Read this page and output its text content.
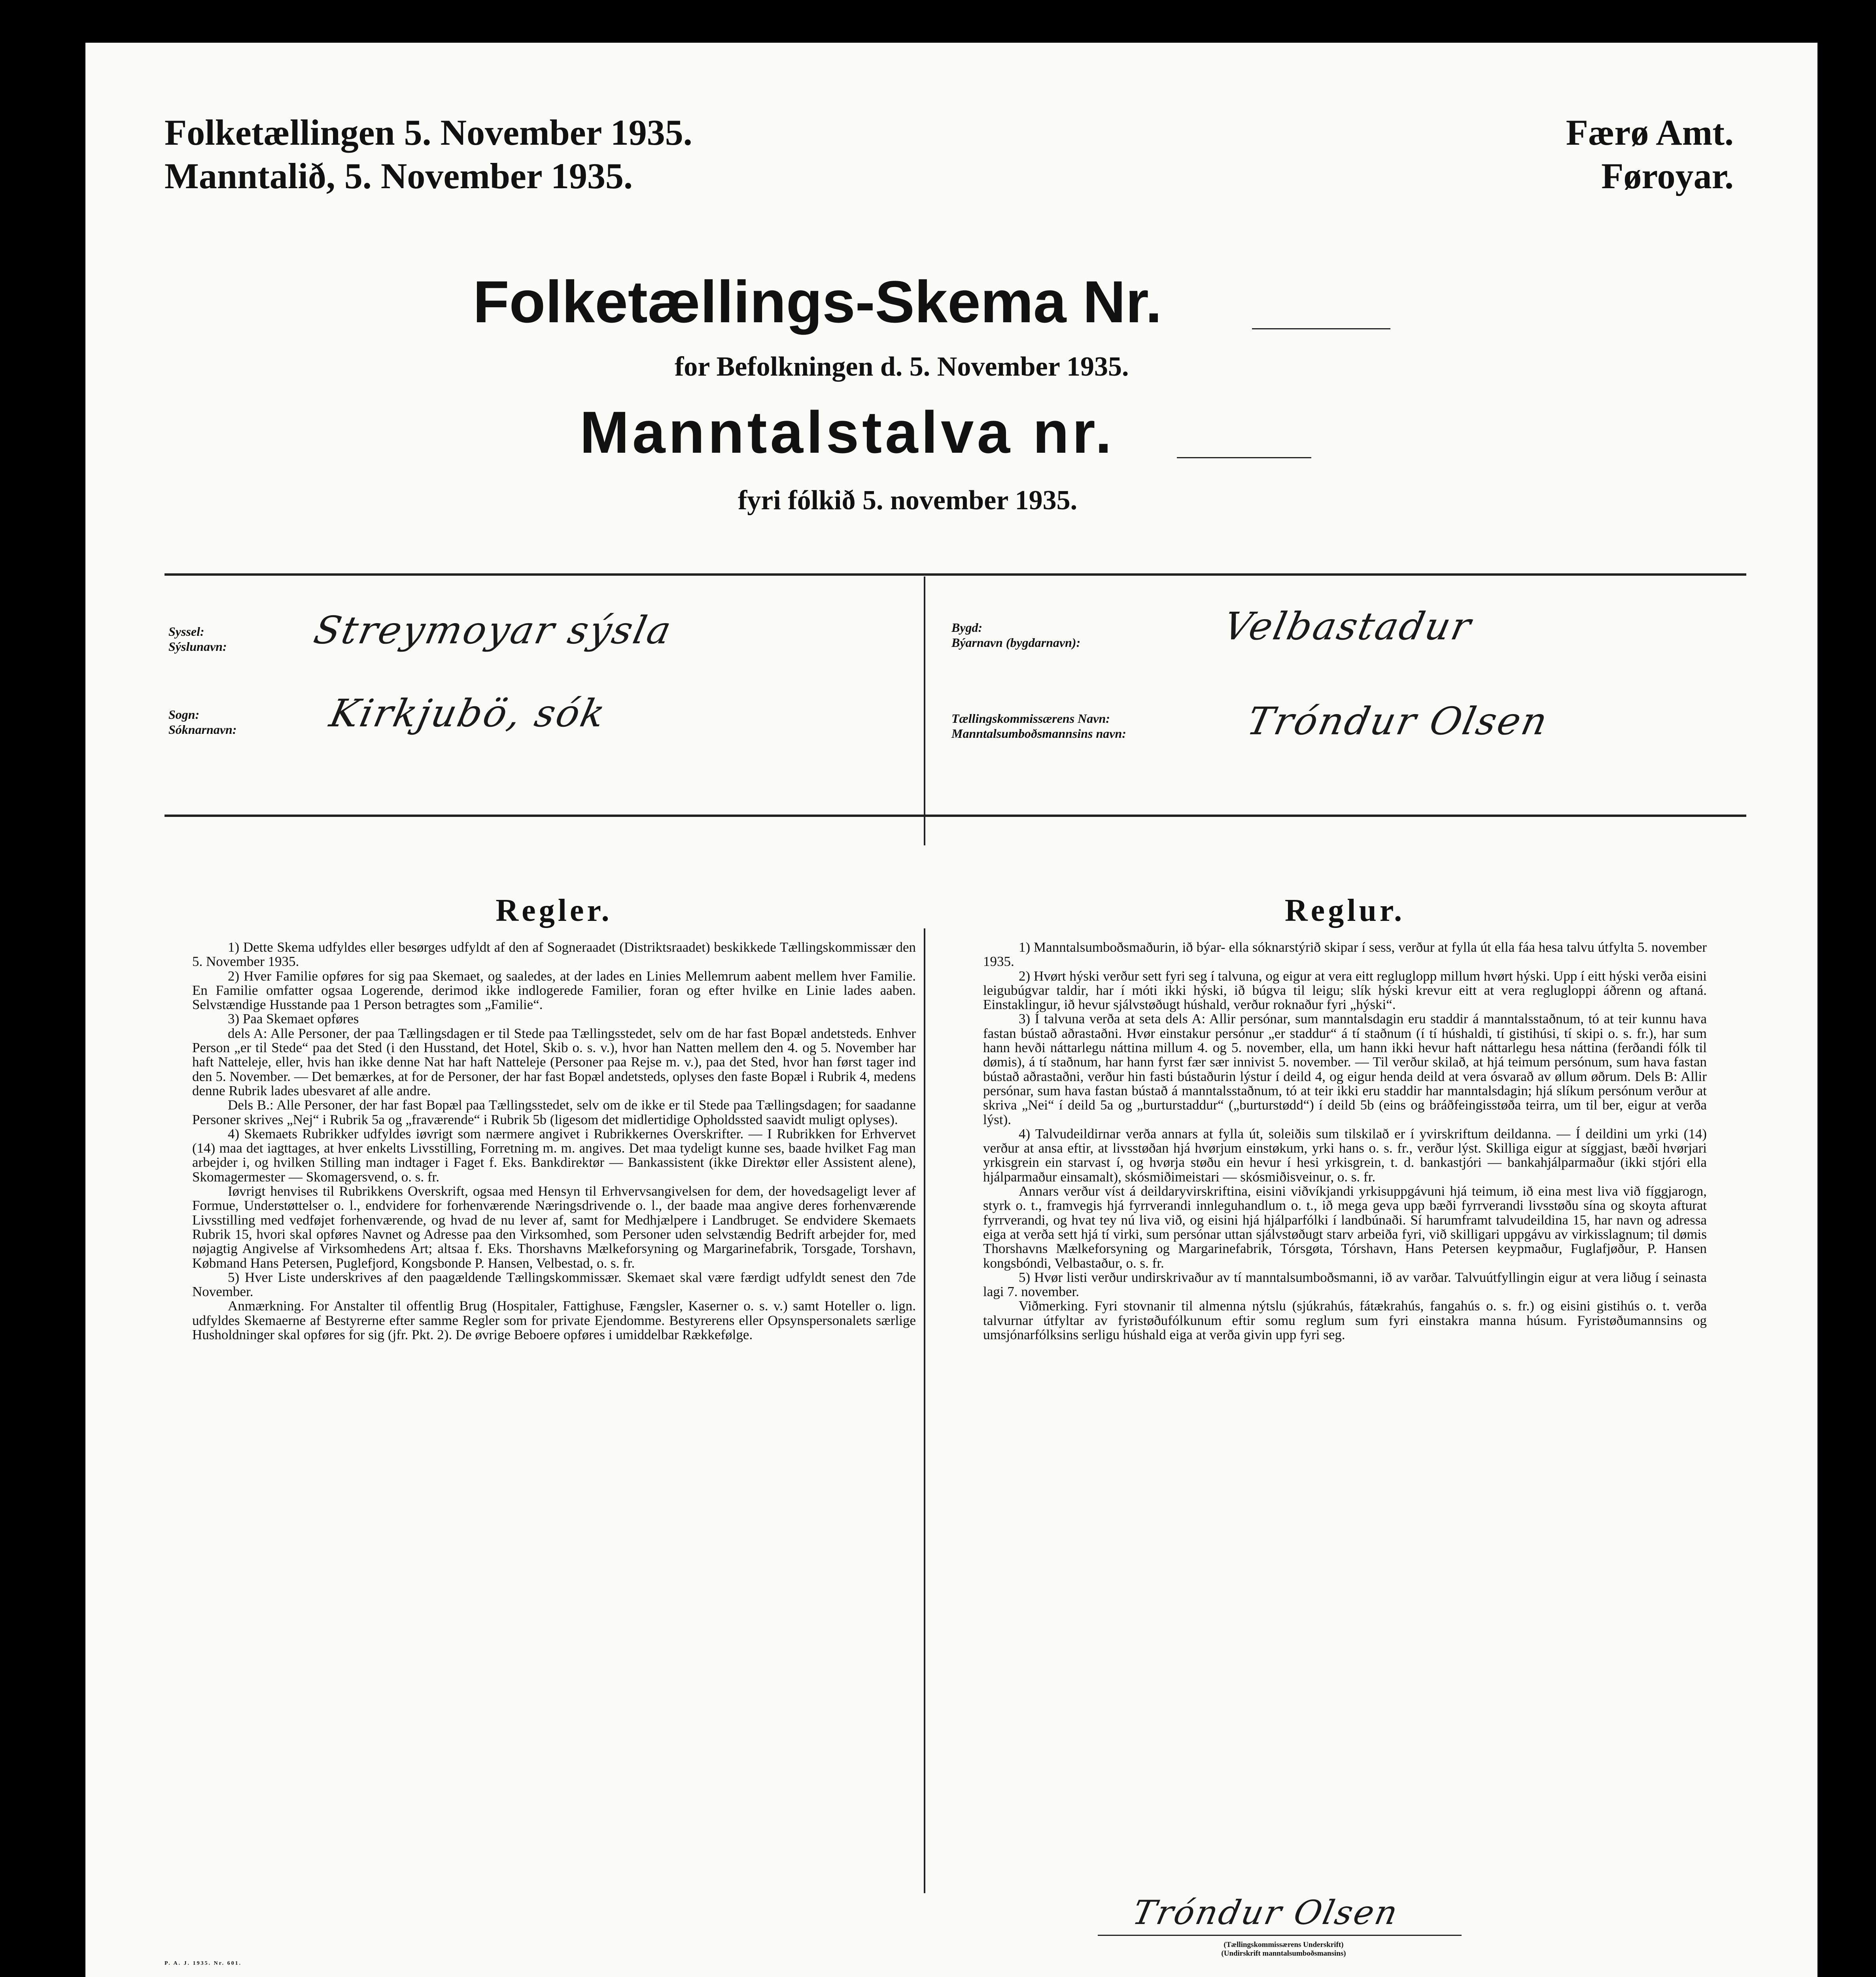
Folketællingen 5. November 1935.
Manntalið, 5. November 1935.
Færø Amt.
Føroyar.
Folketællings-Skema Nr.
for Befolkningen d. 5. November 1935.
Manntalstalva nr.
fyri fólkið 5. november 1935.
Syssel:
Sýslunavn: Streymoyar sýsla
Sogn:
Sóknarnavn: Kirkjubö, sók
Bygd:
Býarnavn (bygdarnavn):	Velbastadur
Tællingskommissærens Navn:
Manntalsumboðsmannsins navn:	Tróndur Olsen
Regler.

1) Dette Skema udfyldes eller besørges udfyldt af den af Sogneraadet (Distriktsraadet) beskikkede Tællingskommissær den 5. November 1935.

2) Hver Familie opføres for sig paa Skemaet, og saaledes, at der lades en Linies Mellemrum aabent mellem hver Familie. En Familie omfatter ogsaa Logerende, derimod ikke indlogerede Familier, foran og efter hvilke en Linie lades aaben. Selvstændige Husstande paa 1 Person betragtes som „Familie“.

3) Paa Skemaet opføres

dels A: Alle Personer, der paa Tællingsdagen er til Stede paa Tællingsstedet, selv om de har fast Bopæl andetsteds. Enhver Person „er til Stede“ paa det Sted (i den Husstand, det Hotel, Skib o. s. v.), hvor han Natten mellem den 4. og 5. November har haft Natteleje, eller, hvis han ikke denne Nat har haft Natteleje (Personer paa Rejse m. v.), paa det Sted, hvor han først tager ind den 5. November. — Det bemærkes, at for de Personer, der har fast Bopæl andetsteds, oplyses den faste Bopæl i Rubrik 4, medens denne Rubrik lades ubesvaret af alle andre.

Dels B.: Alle Personer, der har fast Bopæl paa Tællingsstedet, selv om de ikke er til Stede paa Tællingsdagen; for saadanne Personer skrives „Nej“ i Rubrik 5a og „fraværende“ i Rubrik 5b (ligesom det midlertidige Opholdssted saavidt muligt oplyses).

4) Skemaets Rubrikker udfyldes iøvrigt som nærmere angivet i Rubrikkernes Overskrifter. — I Rubrikken for Erhvervet (14) maa det iagttages, at hver enkelts Livsstilling, Forretning m. m. angives. Det maa tydeligt kunne ses, baade hvilket Fag man arbejder i, og hvilken Stilling man indtager i Faget f. Eks. Bankdirektør — Bankassistent (ikke Direktør eller Assistent alene), Skomagermester — Skomagersvend, o. s. fr.

Iøvrigt henvises til Rubrikkens Overskrift, ogsaa med Hensyn til Erhvervsangivelsen for dem, der hovedsageligt lever af Formue, Understøttelser o. l., endvidere for forhenværende Næringsdrivende o. l., der baade maa angive deres forhenværende Livsstilling med vedføjet forhenværende, og hvad de nu lever af, samt for Medhjælpere i Landbruget. Se endvidere Skemaets Rubrik 15, hvori skal opføres Navnet og Adresse paa den Virksomhed, som Personer uden selvstændig Bedrift arbejder for, med nøjagtig Angivelse af Virksomhedens Art; altsaa f. Eks. Thorshavns Mælkeforsyning og Margarinefabrik, Torsgade, Torshavn, Købmand Hans Petersen, Puglefjord, Kongsbonde P. Hansen, Velbestad, o. s. fr.

5) Hver Liste underskrives af den paagældende Tællingskommissær. Skemaet skal være færdigt udfyldt senest den 7de November.

Anmærkning. For Anstalter til offentlig Brug (Hospitaler, Fattighuse, Fængsler, Kaserner o. s. v.) samt Hoteller o. lign. udfyldes Skemaerne af Bestyrerne efter samme Regler som for private Ejendomme. Bestyrerens eller Opsynspersonalets særlige Husholdninger skal opføres for sig (jfr. Pkt. 2). De øvrige Beboere opføres i umiddelbar Rækkefølge.

Reglur.

1) Manntalsumboðsmaðurin, ið býar- ella sóknarstýrið skipar í sess, verður at fylla út ella fáa hesa talvu útfylta 5. november 1935.

2) Hvørt hýski verður sett fyri seg í talvuna, og eigur at vera eitt regluglopp millum hvørt hýski. Upp í eitt hýski verða eisini leigubúgvar taldir, har í móti ikki hýski, ið búgva til leigu; slík hýski krevur eitt at vera reglugloppi áðrenn og aftaná. Einstaklingur, ið hevur sjálvstøðugt húshald, verður roknaður fyri „hýski“.

3) Í talvuna verða at seta dels A: Allir persónar, sum manntalsdagin eru staddir á manntalsstaðnum, tó at teir kunnu hava fastan bústað aðrastaðni. Hvør einstakur persónur „er staddur“ á tí staðnum (í tí húshaldi, tí gistihúsi, tí skipi o. s. fr.), har sum hann hevði náttarlegu náttina millum 4. og 5. november, ella, um hann ikki hevur haft náttarlegu hesa náttina (ferðandi fólk til dømis), á tí staðnum, har hann fyrst fær sær innivist 5. november. — Til verður skilað, at hjá teimum persónum, sum hava fastan bústað aðrastaðni, verður hin fasti bústaðurin lýstur í deild 4, og eigur henda deild at vera ósvarað av øllum øðrum. Dels B: Allir persónar, sum hava fastan bústað á manntalsstaðnum, tó at teir ikki eru staddir har manntalsdagin; hjá slíkum persónum verður at skriva „Nei“ í deild 5a og „burturstaddur“ („burturstødd“) í deild 5b (eins og bráðfeingisstøða teirra, um til ber, eigur at verða lýst).

4) Talvudeildirnar verða annars at fylla út, soleiðis sum tilskilað er í yvirskriftum deildanna. — Í deildini um yrki (14) verður at ansa eftir, at livsstøðan hjá hvørjum einstøkum, yrki hans o. s. fr., verður lýst. Skilliga eigur at síggjast, bæði hvørjari yrkisgrein ein starvast í, og hvørja støðu ein hevur í hesi yrkisgrein, t. d. bankastjóri — bankahjálparmaður (ikki stjóri ella hjálparmaður einsamalt), skósmiðimeistari — skósmiðisveinur, o. s. fr.

Annars verður víst á deildaryvirskriftina, eisini viðvíkjandi yrkisuppgávuni hjá teimum, ið eina mest liva við fíggjarogn, styrk o. t., framvegis hjá fyrrverandi innleguhandlum o. t., ið mega geva upp bæði fyrrverandi livsstøðu sína og skoyta afturat fyrrverandi, og hvat tey nú liva við, og eisini hjá hjálparfólki í landbúnaði. Sí harumframt talvudeildina 15, har navn og adressa eiga at verða sett hjá tí virki, sum persónar uttan sjálvstøðugt starv arbeiða fyri, við skilligari uppgávu av virkisslagnum; til dømis Thorshavns Mælkeforsyning og Margarinefabrik, Tórsgøta, Tórshavn, Hans Petersen keypmaður, Fuglafjøður, P. Hansen kongsbóndi, Velbastaður, o. s. fr.

5) Hvør listi verður undirskrivaður av tí manntalsumboðsmanni, ið av varðar. Talvuútfyllingin eigur at vera liðug í seinasta lagi 7. november.

Viðmerking. Fyri stovnanir til almenna nýtslu (sjúkrahús, fátækrahús, fangahús o. s. fr.) og eisini gistihús o. t. verða talvurnar útfyltar av fyristøðufólkunum eftir somu reglum sum fyri einstakra manna húsum. Fyristøðumannsins og umsjónarfólksins serligu húshald eiga at verða givin upp fyri seg.

Tróndur Olsen
(Tællingskommissærens Underskrift)
(Undirskrift manntalsumboðsmansins)
P. A. J. 1935. Nr. 601.
